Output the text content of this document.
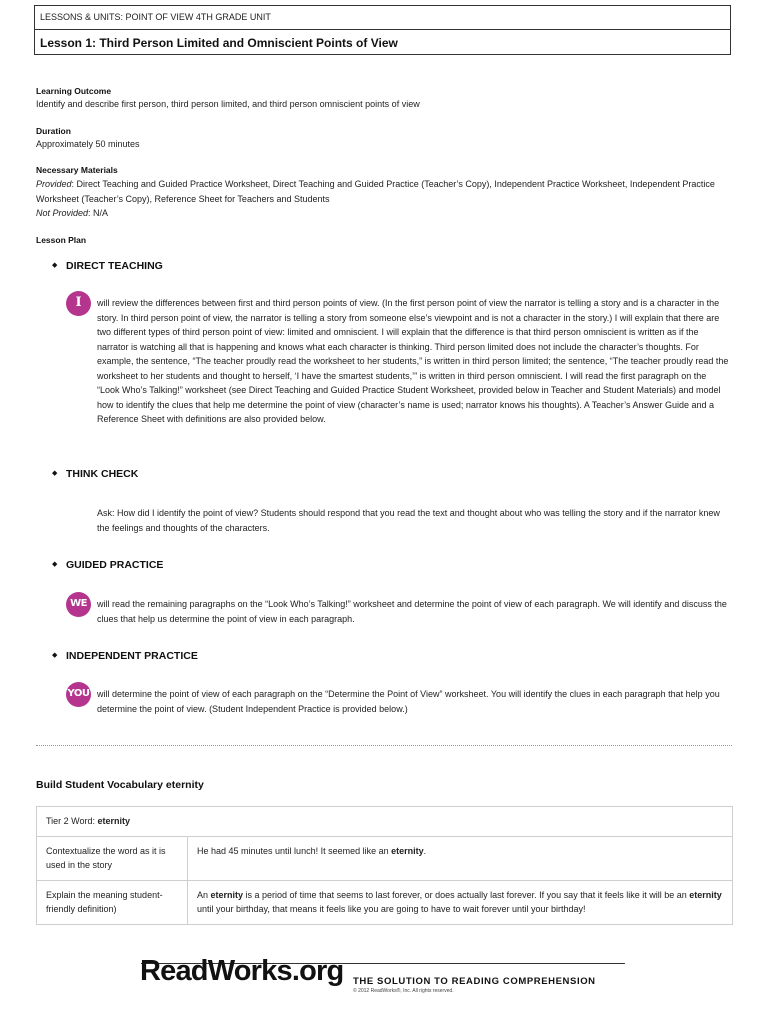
LESSONS & UNITS: POINT OF VIEW 4TH GRADE UNIT
Lesson 1: Third Person Limited and Omniscient Points of View
Learning Outcome
Identify and describe first person, third person limited, and third person omniscient points of view
Duration
Approximately 50 minutes
Necessary Materials
Provided: Direct Teaching and Guided Practice Worksheet, Direct Teaching and Guided Practice (Teacher’s Copy), Independent Practice Worksheet, Independent Practice Worksheet (Teacher’s Copy), Reference Sheet for Teachers and Students
Not Provided: N/A
Lesson Plan
◆ DIRECT TEACHING
I	will review the differences between first and third person points of view. (In the first person point of view the narrator is telling a story and is a character in the story. In third person point of view, the narrator is telling a story from someone else’s viewpoint and is not a character in the story.) I will explain that there are two different types of third person point of view: limited and omniscient. I will explain that the difference is that third person omniscient is written as if the narrator is watching all that is happening and knows what each character is thinking. Third person limited does not include the character’s thoughts. For example, the sentence, “The teacher proudly read the worksheet to her students,” is written in third person limited; the sentence, “The teacher proudly read the worksheet to her students and thought to herself, ‘I have the smartest students,’” is written in third person omniscient. I will read the first paragraph on the “Look Who’s Talking!” worksheet (see Direct Teaching and Guided Practice Student Worksheet, provided below in Teacher and Student Materials) and model how to identify the clues that help me determine the point of view (character’s name is used; narrator knows his thoughts). A Teacher’s Answer Guide and a Reference Sheet with definitions are also provided below.
◆ THINK CHECK
Ask: How did I identify the point of view? Students should respond that you read the text and thought about who was telling the story and if the narrator knew the feelings and thoughts of the characters.
◆ GUIDED PRACTICE
WE	will read the remaining paragraphs on the “Look Who’s Talking!” worksheet and determine the point of view of each paragraph. We will identify and discuss the clues that help us determine the point of view in each paragraph.
◆ INDEPENDENT PRACTICE
YOU will determine the point of view of each paragraph on the “Determine the Point of View” worksheet. You will identify the clues in each paragraph that help you determine the point of view. (Student Independent Practice is provided below.)
Build Student Vocabulary eternity
Tier 2 Word: eternity	
Contextualize the word as it is used in the story	He had 45 minutes until lunch! It seemed like an eternity.
Explain the meaning student-friendly definition)	An eternity is a period of time that seems to last forever, or does actually last forever. If you say that it feels like it will be an eternity until your birthday, that means it feels like you are going to have to wait forever until your birthday!
ReadWorks.org THE SOLUTION TO READING COMPREHENSION
© 2012 ReadWorks®, Inc. All rights reserved.
